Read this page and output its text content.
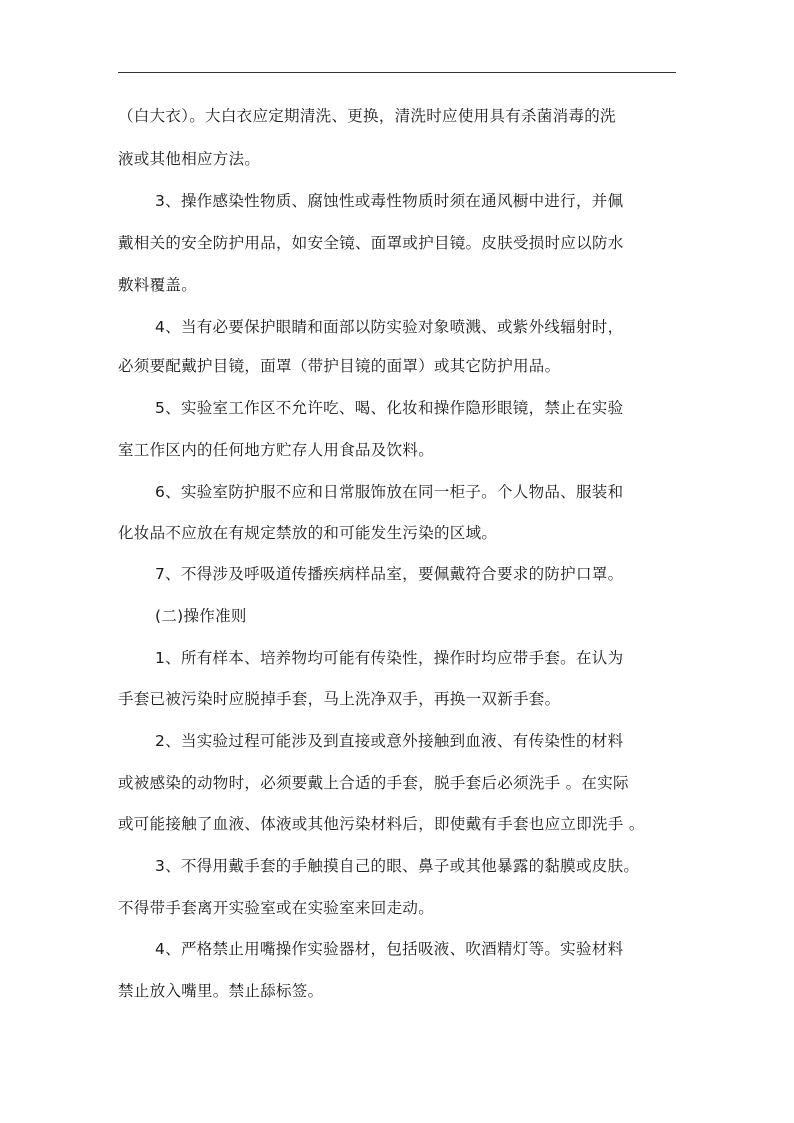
（白大衣）。大白衣应定期清洗、更换，清洗时应使用具有杀菌消毒的洗

液或其他相应方法。

3、操作感染性物质、腐蚀性或毒性物质时须在通风橱中进行，并佩

戴相关的安全防护用品，如安全镜、面罩或护目镜。皮肤受损时应以防水

敷料覆盖。

4、当有必要保护眼睛和面部以防实验对象喷溅、或紫外线辐射时，

必须要配戴护目镜，面罩（带护目镜的面罩）或其它防护用品。

5、实验室工作区不允许吃、喝、化妆和操作隐形眼镜，禁止在实验

室工作区内的任何地方贮存人用食品及饮料。

6、实验室防护服不应和日常服饰放在同一柜子。个人物品、服装和

化妆品不应放在有规定禁放的和可能发生污染的区域。

7、不得涉及呼吸道传播疾病样品室，要佩戴符合要求的防护口罩。

(二)操作准则

1、所有样本、培养物均可能有传染性，操作时均应带手套。在认为

手套已被污染时应脱掉手套，马上洗净双手，再换一双新手套。

2、当实验过程可能涉及到直接或意外接触到血液、有传染性的材料

或被感染的动物时，必须要戴上合适的手套，脱手套后必须洗手 。在实际

或可能接触了血液、体液或其他污染材料后，即使戴有手套也应立即洗手 。

3、不得用戴手套的手触摸自己的眼、鼻子或其他暴露的黏膜或皮肤。

不得带手套离开实验室或在实验室来回走动。

4、严格禁止用嘴操作实验器材，包括吸液、吹酒精灯等。实验材料

禁止放入嘴里。禁止舔标签。
